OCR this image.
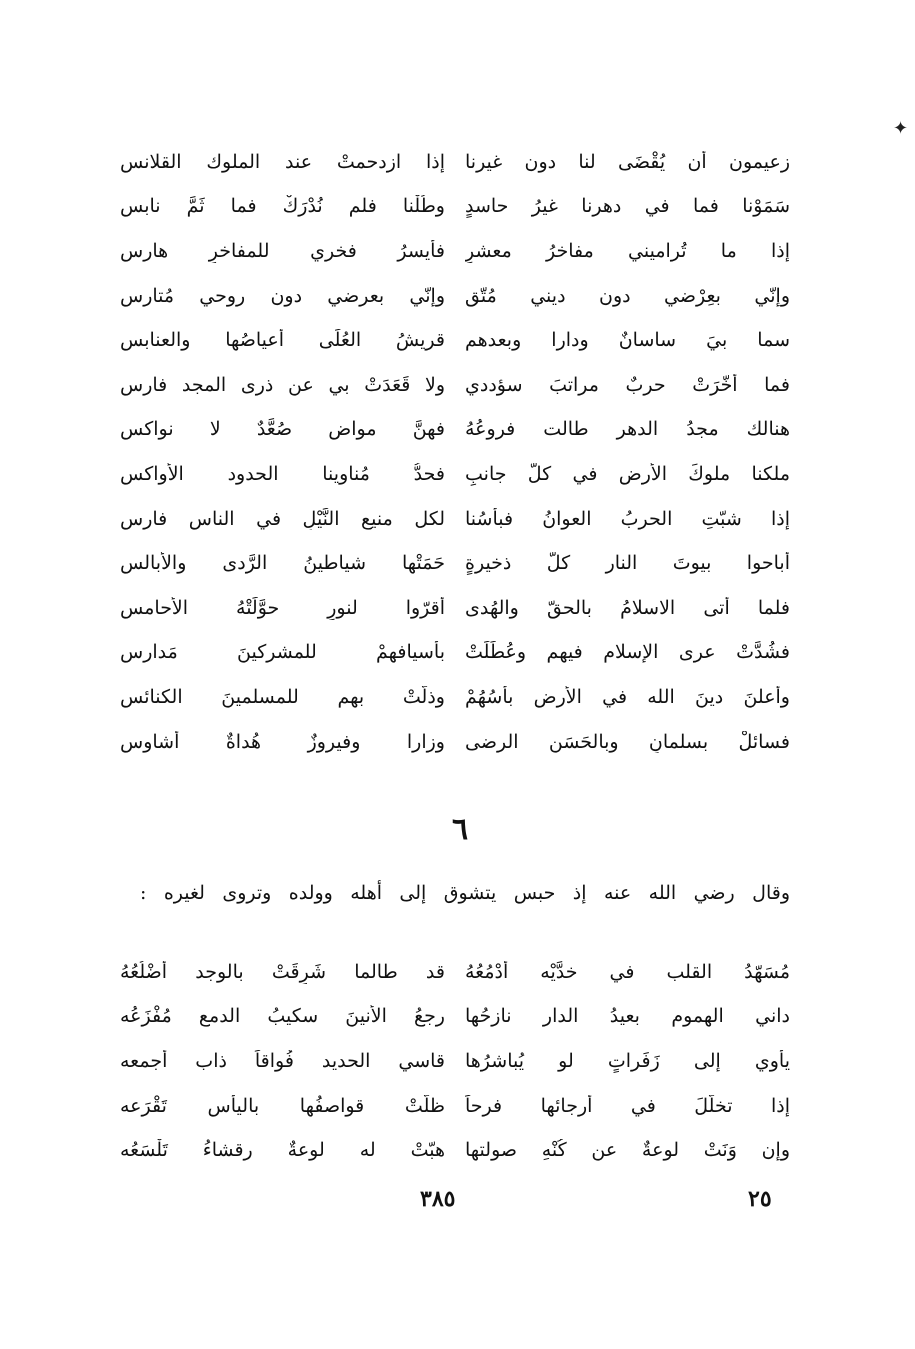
✦
زعيمون أن يُقْضَى لنا دون غيرنا
إذا ازدحمتْ عند الملوك القلانس
سَمَوْنا فما في دهرنا غيرُ حاسدٍ
وطُلْنا فلم نُدْرَكْ فما ثَمَّ نابس
إذا ما تُراميني مفاخرُ معشرٍ
فأيسرُ فخري للمفاخرِ هارس
وإنّي بعِرْضي دون ديني مُتّقٍ
وإنّي بعرضي دون روحي مُتارس
سما بيَ ساسانٌ ودارا وبعدهم
قريشُ العُلَى أعياصُها والعنابس
فما أخّرَتْ حربٌ مراتبَ سؤددي
ولا قَعَدَتْ بي عن ذرى المجد فارس
هنالك مجدُ الدهر طالت فروعُهُ
فهنَّ مواضٍ صُعَّدٌ لا نواكس
ملكنا ملوكَ الأرض في كلّ جانبٍ
فحدُّ مُناوينا الحدود الأواكس
إذا شبّتِ الحربُ العوانُ فبأسُنا
لكل منيعِ النَّيْلِ في الناس فارس
أباحوا بيوتَ النار كلَّ ذخيرةٍ
حَمَتْها شياطينُ الرَّدى والأبالس
فلما أتى الاسلامُ بالحقّ والهُدى
أقرّوا لنورٍ حوَّلَتْهُ الأحامس
فشُدَّتْ عرى الإسلام فيهم وعُطِّلَتْ
بأسيافهمْ للمشركينَ مَدارس
وأعلنَ دينَ الله في الأرض بأسُهُمْ
وذلّتْ بهم للمسلمينَ الكنائس
فسائلْ بسلمانٍ وبالحَسَنِ الرضى
وزارا وفيروزٌ هُداةٌ أشاوس
٦
وقال رضي الله عنه إذ حبس يتشوق إلى أهله وولده وتروى لغيره :
مُسَهّدُ القلب في خدَّيْه أدْمُعُهُ
قد طالما شَرِقَتْ بالوجد أضْلُعُهُ
داني الهموم بعيدُ الدار نازحُها
رجعُ الأنينَ سكيبُ الدمع مُفْزَعُه
يأوي إلى زَفَراتٍ لو يُباشرُها
قاسي الحديد فُواقاً ذاب أجمعه
إذا تخلّلَ في أرجائها فرحاً
ظلّتْ قواصفُها باليأس تَقْرَعه
وإن وَنَتْ لوعةٌ عن كُنْهِ صولتها
هبّتْ له لوعةٌ رقشاءُ تَلْسَعُه
٢٥
٣٨٥
